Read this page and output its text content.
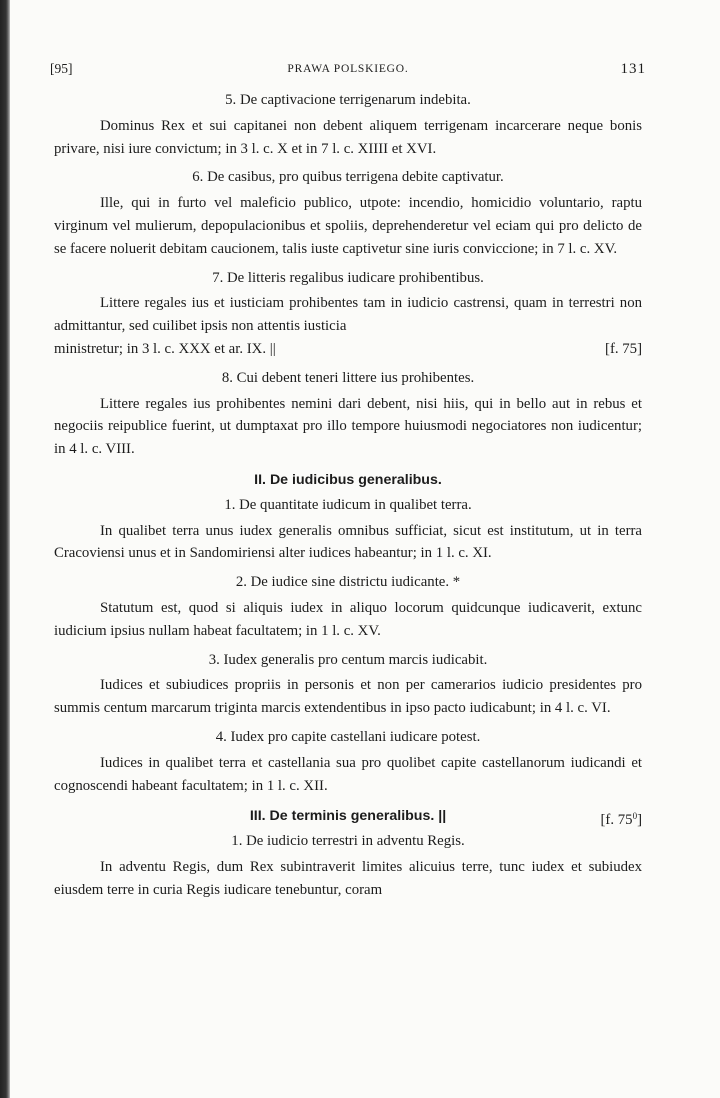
[95]	PRAWA POLSKIEGO.	131
5. De captivacione terrigenarum indebita.

Dominus Rex et sui capitanei non debent aliquem terrigenam incarcerare neque bonis privare, nisi iure convictum; in 3 l. c. X et in 7 l. c. XIIII et XVI.

6. De casibus, pro quibus terrigena debite captivatur.

Ille, qui in furto vel maleficio publico, utpote: incendio, homicidio voluntario, raptu virginum vel mulierum, depopulacionibus et spoliis, deprehenderetur vel eciam qui pro delicto de se facere noluerit debitam caucionem, talis iuste captivetur sine iuris conviccione; in 7 l. c. XV.

7. De litteris regalibus iudicare prohibentibus.

Littere regales ius et iusticiam prohibentes tam in iudicio castrensi, quam in terrestri non admittantur, sed cuilibet ipsis non attentis iusticia

ministretur; in 3 l. c. XXX et ar. IX. ||	[f. 75]
8. Cui debent teneri littere ius prohibentes.

Littere regales ius prohibentes nemini dari debent, nisi hiis, qui in bello aut in rebus et negociis reipublice fuerint, ut dumptaxat pro illo tempore huiusmodi negociatores non iudicentur; in 4 l. c. VIII.

II. De iudicibus generalibus.
1. De quantitate iudicum in qualibet terra.

In qualibet terra unus iudex generalis omnibus sufficiat, sicut est institutum, ut in terra Cracoviensi unus et in Sandomiriensi alter iudices habeantur; in 1 l. c. XI.

2. De iudice sine districtu iudicante. *

Statutum est, quod si aliquis iudex in aliquo locorum quidcunque iudicaverit, extunc iudicium ipsius nullam habeat facultatem; in 1 l. c. XV.

3. Iudex generalis pro centum marcis iudicabit.

Iudices et subiudices propriis in personis et non per camerarios iudicio presidentes pro summis centum marcarum triginta marcis extendentibus in ipso pacto iudicabunt; in 4 l. c. VI.

4. Iudex pro capite castellani iudicare potest.

Iudices in qualibet terra et castellania sua pro quolibet capite castellanorum iudicandi et cognoscendi habeant facultatem; in 1 l. c. XII.

III. De terminis generalibus. ||	[f. $75^0$]
1. De iudicio terrestri in adventu Regis.

In adventu Regis, dum Rex subintraverit limites alicuius terre, tunc iudex et subiudex eiusdem terre in curia Regis iudicare tenebuntur, coram
